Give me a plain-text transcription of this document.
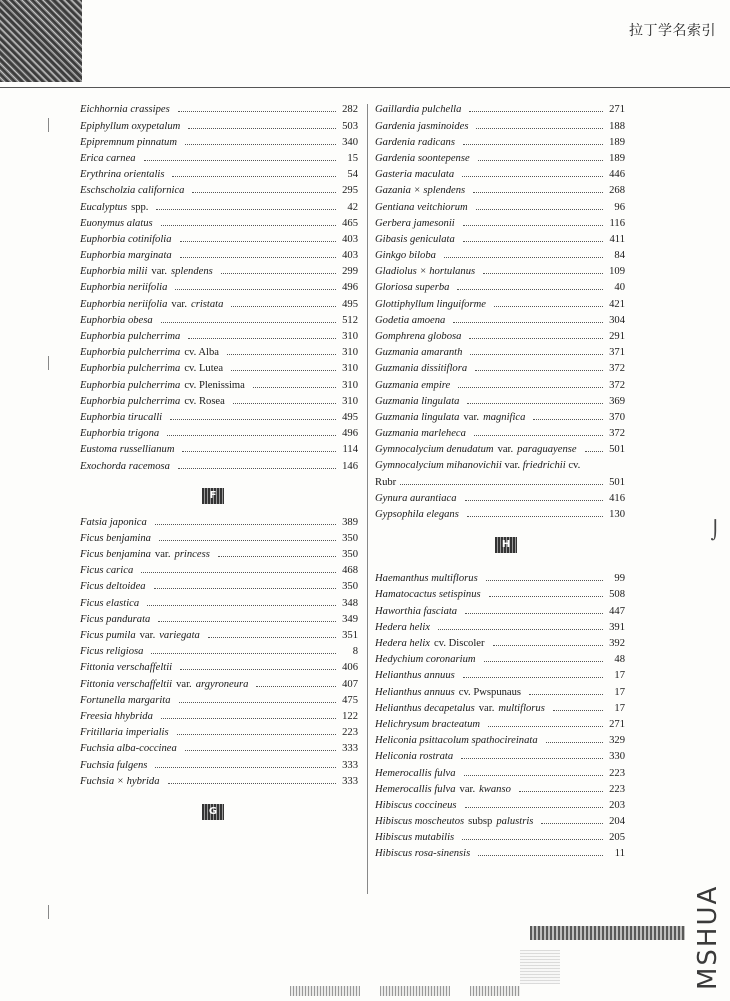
拉丁学名索引
Eichhornia crassipes	282
Epiphyllum oxypetalum	503
Epipremnum pinnatum	340
Erica carnea	15
Erythrina orientalis	54
Eschscholzia californica	295
Eucalyptus spp.	42
Euonymus alatus	465
Euphorbia cotinifolia	403
Euphorbia marginata	403
Euphorbia milii var. splendens	299
Euphorbia neriifolia	496
Euphorbia neriifolia var. cristata	495
Euphorbia obesa	512
Euphorbia pulcherrima	310
Euphorbia pulcherrima cv. Alba	310
Euphorbia pulcherrima cv. Lutea	310
Euphorbia pulcherrima cv. Plenissima	310
Euphorbia pulcherrima cv. Rosea	310
Euphorbia tirucalli	495
Euphorbia trigona	496
Eustoma russellianum	114
Exochorda racemosa	146
F
Fatsia japonica	389
Ficus benjamina	350
Ficus benjamina var. princess	350
Ficus carica	468
Ficus deltoidea	350
Ficus elastica	348
Ficus pandurata	349
Ficus pumila var. variegata	351
Ficus religiosa	8
Fittonia verschaffeltii	406
Fittonia verschaffeltii var. argyroneura	407
Fortunella margarita	475
Freesia hhybrida	122
Fritillaria imperialis	223
Fuchsia alba-coccinea	333
Fuchsia fulgens	333
Fuchsia × hybrida	333
G
Gaillardia pulchella	271
Gardenia jasminoides	188
Gardenia radicans	189
Gardenia soontepense	189
Gasteria maculata	446
Gazania × splendens	268
Gentiana veitchiorum	96
Gerbera jamesonii	116
Gibasis geniculata	411
Ginkgo biloba	84
Gladiolus × hortulanus	109
Gloriosa superba	40
Glottiphyllum linguiforme	421
Godetia amoena	304
Gomphrena globosa	291
Guzmania amaranth	371
Guzmania dissitiflora	372
Guzmania empire	372
Guzmania lingulata	369
Guzmania lingulata var. magnifica	370
Guzmania marleheca	372
Gymnocalycium denudatum var. paraguayense	501
Gymnocalycium mihanovichii var. friedrichii cv.
Rubr	501
Gynura aurantiaca	416
Gypsophila elegans	130
H
Haemanthus multiflorus	99
Hamatocactus setispinus	508
Haworthia fasciata	447
Hedera helix	391
Hedera helix cv. Discoler	392
Hedychium coronarium	48
Helianthus annuus	17
Helianthus annuus cv. Pwspunaus	17
Helianthus decapetalus var. multiflorus	17
Helichrysum bracteatum	271
Heliconia psittacolum spathocireinata	329
Heliconia rostrata	330
Hemerocallis fulva	223
Hemerocallis fulva var. kwanso	223
Hibiscus coccineus	203
Hibiscus moscheutos subsp palustris	204
Hibiscus mutabilis	205
Hibiscus rosa-sinensis	11
⌡
MSHUA
